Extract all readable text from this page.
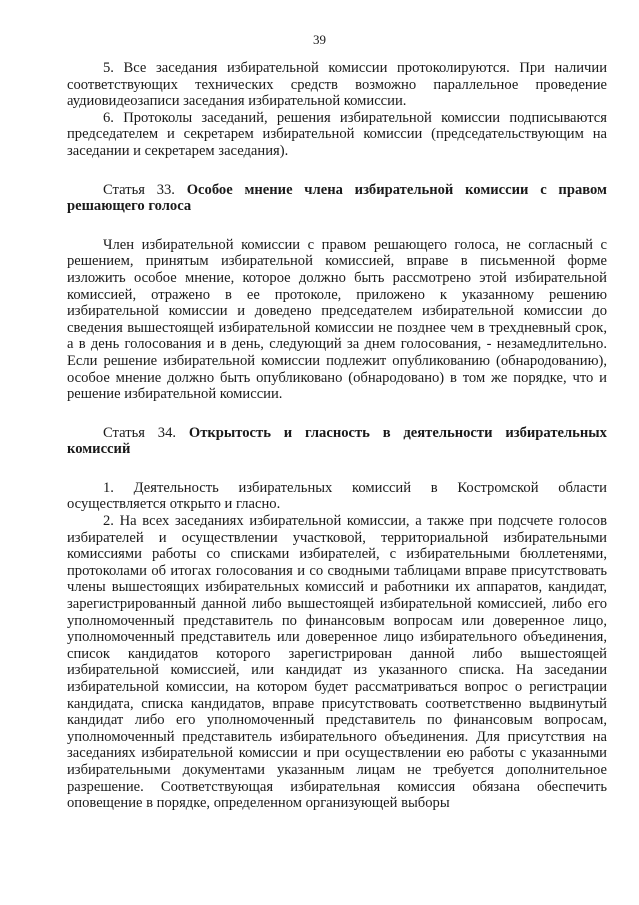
39

5. Все заседания избирательной комиссии протоколируются. При наличии соответствующих технических средств возможно параллельное проведение аудиовидеозаписи заседания избирательной комиссии.

6. Протоколы заседаний, решения избирательной комиссии подписываются председателем и секретарем избирательной комиссии (председательствующим на заседании и секретарем заседания).

Статья 33. Особое мнение члена избирательной комиссии с правом решающего голоса

Член избирательной комиссии с правом решающего голоса, не согласный с решением, принятым избирательной комиссией, вправе в письменной форме изложить особое мнение, которое должно быть рассмотрено этой избирательной комиссией, отражено в ее протоколе, приложено к указанному решению избирательной комиссии и доведено председателем избирательной комиссии до сведения вышестоящей избирательной комиссии не позднее чем в трехдневный срок, а в день голосования и в день, следующий за днем голосования, - незамедлительно. Если решение избирательной комиссии подлежит опубликованию (обнародованию), особое мнение должно быть опубликовано (обнародовано) в том же порядке, что и решение избирательной комиссии.

Статья 34. Открытость и гласность в деятельности избирательных комиссий

1. Деятельность избирательных комиссий в Костромской области осуществляется открыто и гласно.

2. На всех заседаниях избирательной комиссии, а также при подсчете голосов избирателей и осуществлении участковой, территориальной избирательными комиссиями работы со списками избирателей, с избирательными бюллетенями, протоколами об итогах голосования и со сводными таблицами вправе присутствовать члены вышестоящих избирательных комиссий и работники их аппаратов, кандидат, зарегистрированный данной либо вышестоящей избирательной комиссией, либо его уполномоченный представитель по финансовым вопросам или доверенное лицо, уполномоченный представитель или доверенное лицо избирательного объединения, список кандидатов которого зарегистрирован данной либо вышестоящей избирательной комиссией, или кандидат из указанного списка. На заседании избирательной комиссии, на котором будет рассматриваться вопрос о регистрации кандидата, списка кандидатов, вправе присутствовать соответственно выдвинутый кандидат либо его уполномоченный представитель по финансовым вопросам, уполномоченный представитель избирательного объединения. Для присутствия на заседаниях избирательной комиссии и при осуществлении ею работы с указанными избирательными документами указанным лицам не требуется дополнительное разрешение. Соответствующая избирательная комиссия обязана обеспечить оповещение в порядке, определенном организующей выборы
